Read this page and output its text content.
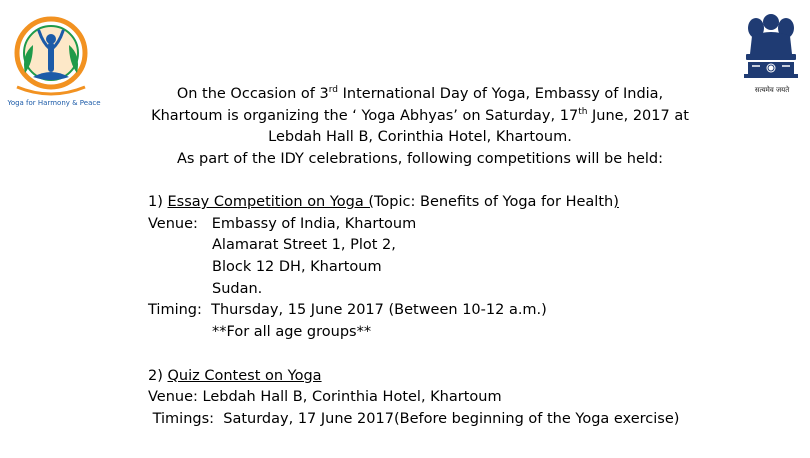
Yoga for Harmony & Peace
सत्यमेव जयते

On the Occasion of 3rd International Day of Yoga, Embassy of India,

Khartoum is organizing the ‘ Yoga Abhyas’ on Saturday, 17th June, 2017 at

Lebdah Hall B, Corinthia Hotel, Khartoum.

As part of the IDY celebrations, following competitions will be held:

1) Essay Competition on Yoga (Topic: Benefits of Yoga for Health)
Venue:   Embassy of India, Khartoum
Alamarat Street 1, Plot 2,
Block 12 DH, Khartoum
Sudan.
Timing:  Thursday, 15 June 2017 (Between 10-12 a.m.)
**For all age groups**
2) Quiz Contest on Yoga
Venue: Lebdah Hall B, Corinthia Hotel, Khartoum
Timings:  Saturday, 17 June 2017(Before beginning of the Yoga exercise)
